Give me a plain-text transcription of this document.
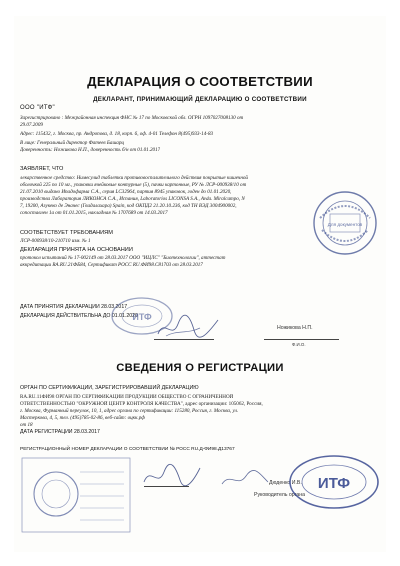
ДЕКЛАРАЦИЯ О СООТВЕТСТВИИ
ДЕКЛАРАНТ, ПРИНИМАЮЩИЙ ДЕКЛАРАЦИЮ О СООТВЕТСТВИИ
ООО "ИТФ"
Зарегистрировано : Межрайонная инспекция ФНС № 17 по Московской обл. ОГРН 1097027008130 от
29.07.2009
Адрес: 115432, г. Москва, пр. Андропова, д. 18, корп. 6, оф. 4-01 Телефон 8(495)933-14-83
В лице: Генеральный директор Фатеев Башарц
Доверенность: Ножикова Н.П., доверенность б/н от 01.01.2017
ЗАЯВЛЯЕТ, ЧТО
лекарственное средство: Нимесулид таблетки противовоспалительного действия покрытые кишечной
оболочкой 225 по 10 мг., упаковки ячейковые контурные (5), пачки картонные, РУ № ЛСР-000938/10 от
21.07.2010 выдано Ипадофарма С.А., серия LC32964, партия 8945 упаковок, годен до 01.01.2020,
производства Лаборатория ЛИКОНСА С.А., Испания, Laboratorios LICONSA S.A., Avda. Miralcampo, N
7, 19200, Азукеко де Эначес (Гвадалахара) Spain, код ОКПД2 21.20.10.236, код ТН ВЭД 3004900002,
сопоставлен 1а от 01.01.2015, накладная № 1707689 от 14.03.2017
СООТВЕТСТВУЕТ ТРЕБОВАНИЯМ
ЛСР-000938/10-210710 изм. № 1
ДЕКЛАРАЦИЯ ПРИНЯТА НА ОСНОВАНИИ
протокол испытаний № 17-002149 от 28.03.2017 ООО "ИЦЛС" "Биотехнологии", аттестат
аккредитации RA.RU.21ФБ84, Сертификат РОСС RU.ФИ98.C81703 от 28.03.2017
ДАТА ПРИНЯТИЯ ДЕКЛАРАЦИИ 28.03.2017
ДЕКЛАРАЦИЯ ДЕЙСТВИТЕЛЬНА ДО 01.01.2020
Ножикова Н.П.
Ф.И.О.
СВЕДЕНИЯ О РЕГИСТРАЦИИ
ОРГАН ПО СЕРТИФИКАЦИИ, ЗАРЕГИСТРИРОВАВШИЙ ДЕКЛАРАЦИЮ
RA.RU.11ФИ98 ОРГАН ПО СЕРТИФИКАЦИИ ПРОДУКЦИИ ОБЩЕСТВО С ОГРАНИЧЕННОЙ
ОТВЕТСТВЕННОСТЬЮ "ОКРУЖНОЙ ЦЕНТР КОНТРОЛЯ КАЧЕСТВА", адрес организации: 105062, Россия,
г. Москва, Фурманный переулок, 10, 1, адрес органа по сертификации: 115280, Россия, г. Москва, ул.
Мастеркова, 4, 5, тел. (495)785-02-86, веб-сайт: оцкк.рф
от 18
ДАТА РЕГИСТРАЦИИ 28.03.2017
РЕГИСТРАЦИОННЫЙ НОМЕР ДЕКЛАРАЦИИ О СООТВЕТСТВИИ № РОСС RU.Д-ФИ98.Д13767
Дюденко И.В.
Руководитель органа
Для документов
ИТФ
ИТФ
